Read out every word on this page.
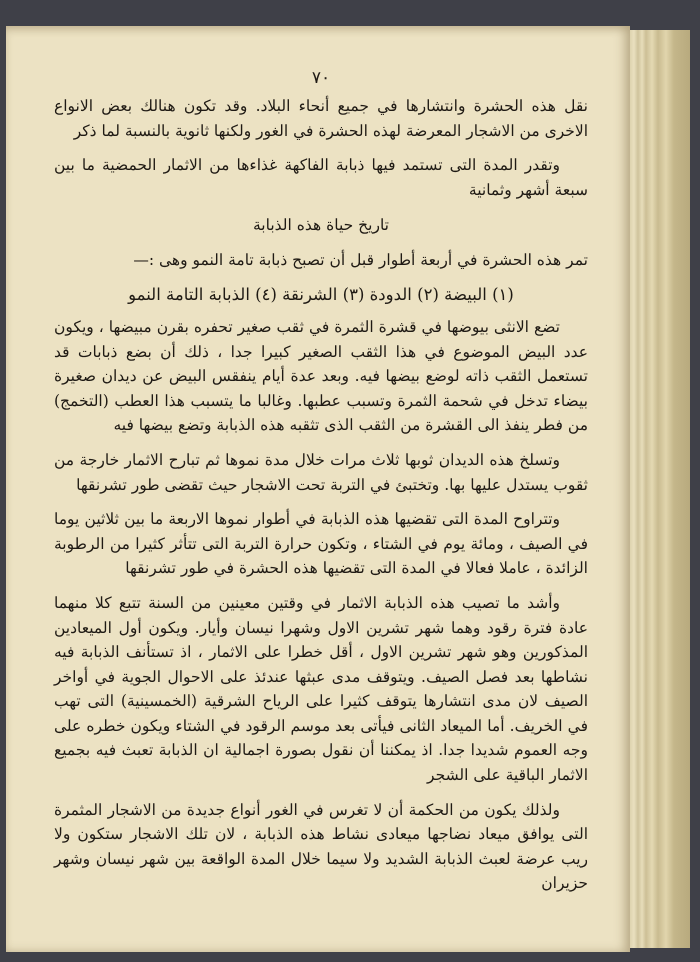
٧٠

نقل هذه الحشرة وانتشارها في جميع أنحاء البلاد. وقد تكون هنالك بعض الانواع الاخرى من الاشجار المعرضة لهذه الحشرة في الغور ولكنها ثانوية بالنسبة لما ذكر

وتقدر المدة التى تستمد فيها ذبابة الفاكهة غذاءها من الاثمار الحمضية ما بين سبعة أشهر وثمانية

تاريخ حياة هذه الذبابة

تمر هذه الحشرة في أربعة أطوار قبل أن تصبح ذبابة تامة النمو وهى :—

(١) البيضة (٢) الدودة (٣) الشرنقة (٤) الذبابة التامة النمو

تضع الانثى بيوضها في قشرة الثمرة في ثقب صغير تحفره بقرن مبيضها ، ويكون عدد البيض الموضوع في هذا الثقب الصغير كبيرا جدا ، ذلك أن بضع ذبابات قد تستعمل الثقب ذاته لوضع بيضها فيه. وبعد عدة أيام ينفقس البيض عن ديدان صغيرة بيضاء تدخل في شحمة الثمرة وتسبب عطبها. وغالبا ما يتسبب هذا العطب (التخمج) من فطر ينفذ الى القشرة من الثقب الذى تثقبه هذه الذبابة وتضع بيضها فيه

وتسلخ هذه الديدان ثوبها ثلاث مرات خلال مدة نموها ثم تبارح الاثمار خارجة من ثقوب يستدل عليها بها. وتختبئ في التربة تحت الاشجار حيث تقضى طور تشرنقها

وتتراوح المدة التى تقضيها هذه الذبابة في أطوار نموها الاربعة ما بين ثلاثين يوما في الصيف ، ومائة يوم في الشتاء ، وتكون حرارة التربة التى تتأثر كثيرا من الرطوبة الزائدة ، عاملا فعالا في المدة التى تقضيها هذه الحشرة في طور تشرنقها

وأشد ما تصيب هذه الذبابة الاثمار في وقتين معينين من السنة تتبع كلا منهما عادة فترة رقود وهما شهر تشرين الاول وشهرا نيسان وأيار. ويكون أول الميعادين المذكورين وهو شهر تشرين الاول ، أقل خطرا على الاثمار ، اذ تستأنف الذبابة فيه نشاطها بعد فصل الصيف. ويتوقف مدى عبثها عندئذ على الاحوال الجوية في أواخر الصيف لان مدى انتشارها يتوقف كثيرا على الرياح الشرقية (الخمسينية) التى تهب في الخريف. أما الميعاد الثانى فيأتى بعد موسم الرقود في الشتاء ويكون خطره على وجه العموم شديدا جدا. اذ يمكننا أن نقول بصورة اجمالية ان الذبابة تعبث فيه بجميع الاثمار الباقية على الشجر

ولذلك يكون من الحكمة أن لا تغرس في الغور أنواع جديدة من الاشجار المثمرة التى يوافق ميعاد نضاجها ميعادى نشاط هذه الذبابة ، لان تلك الاشجار ستكون ولا ريب عرضة لعبث الذبابة الشديد ولا سيما خلال المدة الواقعة بين شهر نيسان وشهر حزيران
